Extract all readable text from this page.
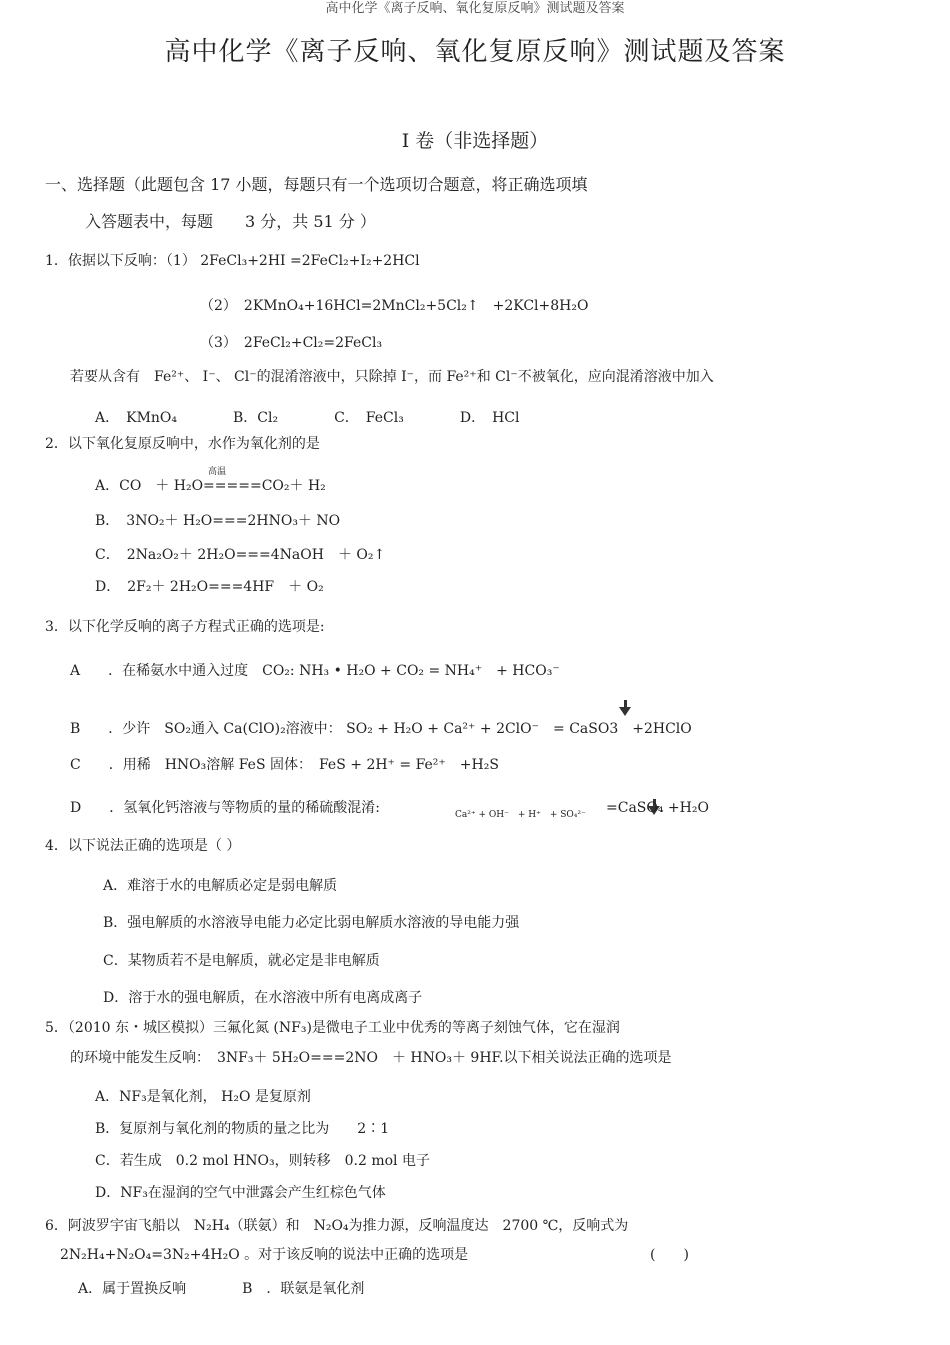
高中化学《离子反响、氧化复原反响》测试题及答案
高中化学《离子反响、氧化复原反响》测试题及答案
I 卷（非选择题）
一、选择题（此题包含 17 小题，每题只有一个选项切合题意，将正确选项填
入答题表中，每题　　3 分，共 51 分 ）
1．依据以下反响：（1） 2FeCl₃+2HI =2FeCl₂+I₂+2HCl
（2）　2KMnO₄+16HCl=2MnCl₂+5Cl₂↑　+2KCl+8H₂O
（3）　2FeCl₂+Cl₂=2FeCl₃
若要从含有　Fe²⁺、 I⁻、 Cl⁻的混淆溶液中，只除掉 I⁻，而 Fe²⁺和 Cl⁻不被氧化，应向混淆溶液中加入
A．　KMnO₄　　　　B．Cl₂　　　　C．　FeCl₃　　　　D．　HCl
2．以下氧化复原反响中，水作为氧化剂的是
高温
A．CO　＋ H₂O=====CO₂＋ H₂
B．　3NO₂＋ H₂O===2HNO₃＋ NO
C．　2Na₂O₂＋ 2H₂O===4NaOH　＋ O₂↑
D．　2F₂＋ 2H₂O===4HF　＋ O₂
3．以下化学反响的离子方程式正确的选项是:
A　　．在稀氨水中通入过度　CO₂: NH₃ • H₂O + CO₂ = NH₄⁺　+ HCO₃⁻
B　　．少许　SO₂通入 Ca(ClO)₂溶液中： SO₂ + H₂O + Ca²⁺ + 2ClO⁻　= CaSO3　+2HClO
C　　．用稀　HNO₃溶解 FeS 固体：　FeS + 2H⁺ = Fe²⁺　+H₂S
D　　．氢氧化钙溶液与等物质的量的稀硫酸混淆:	Ca²⁺ + OH⁻　+ H⁺　+ SO₄²⁻ =CaSO₄ +H₂O
4．以下说法正确的选项是（ ）
A．难溶于水的电解质必定是弱电解质
B．强电解质的水溶液导电能力必定比弱电解质水溶液的导电能力强
C．某物质若不是电解质，就必定是非电解质
D．溶于水的强电解质，在水溶液中所有电离成离子
5．（2010 东・城区模拟）三氟化氮 (NF₃)是微电子工业中优秀的等离子刻蚀气体，它在湿润
的环境中能发生反响：　3NF₃＋ 5H₂O===2NO　＋ HNO₃＋ 9HF.以下相关说法正确的选项是
A．NF₃是氧化剂， H₂O 是复原剂
B．复原剂与氧化剂的物质的量之比为　　2∶1
C．若生成　0.2 mol HNO₃，则转移　0.2 mol 电子
D．NF₃在湿润的空气中泄露会产生红棕色气体
6．阿波罗宇宙飞船以　N₂H₄（联氨）和　N₂O₄为推力源，反响温度达　2700 ℃，反响式为
2N₂H₄+N₂O₄=3N₂+4H₂O 。对于该反响的说法中正确的选项是	(　　)
A．属于置换反响　　　　B　．联氨是氧化剂
